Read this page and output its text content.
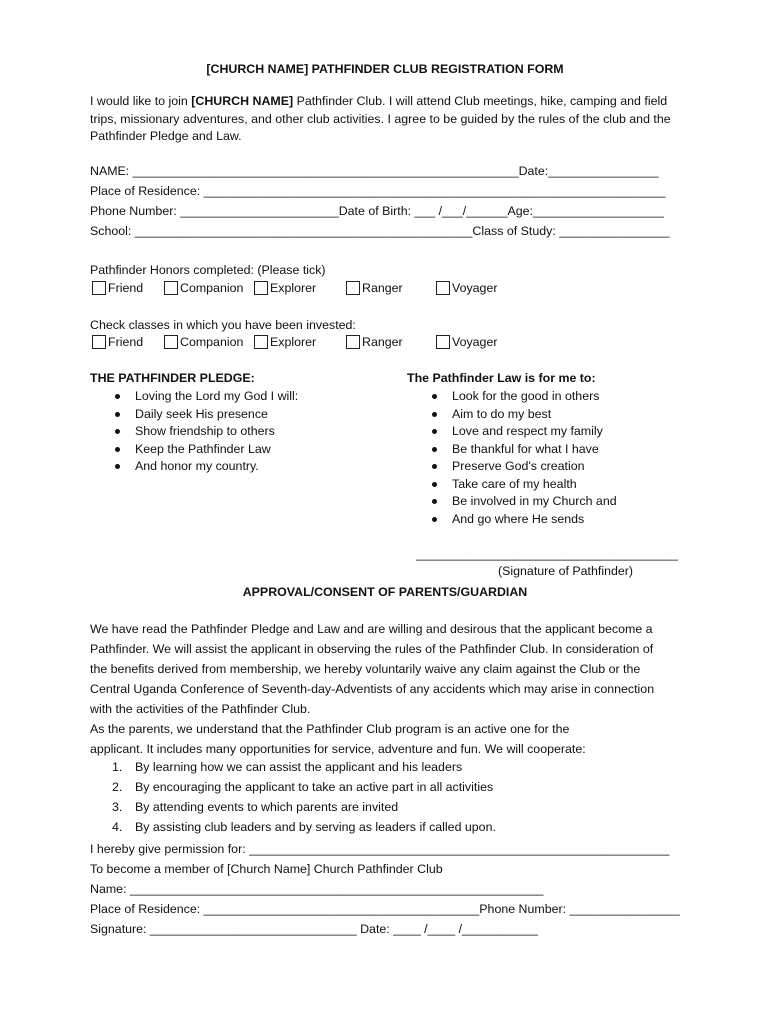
[CHURCH NAME] PATHFINDER CLUB REGISTRATION FORM
I would like to join [CHURCH NAME] Pathfinder Club. I will attend Club meetings, hike, camping and field trips, missionary adventures, and other club activities. I agree to be guided by the rules of the club and the Pathfinder Pledge and Law.
NAME: ________________________________________________________Date:________________
Place of Residence: ___________________________________________________________________
Phone Number: _______________________Date of Birth: ___ /___/______Age:___________________
School: _________________________________________________Class of Study: ________________
Pathfinder Honors completed: (Please tick)
Friend	Companion Explorer	Ranger	Voyager
Check classes in which you have been invested:
Friend	Companion Explorer	Ranger	Voyager
THE PATHFINDER PLEDGE:
Loving the Lord my God I will:
Daily seek His presence
Show friendship to others
Keep the Pathfinder Law
And honor my country.
The Pathfinder Law is for me to:
Look for the good in others
Aim to do my best
Love and respect my family
Be thankful for what I have
Preserve God's creation
Take care of my health
Be involved in my Church and
And go where He sends
______________________________________
(Signature of Pathfinder)
APPROVAL/CONSENT OF PARENTS/GUARDIAN
We have read the Pathfinder Pledge and Law and are willing and desirous that the applicant become a
Pathfinder. We will assist the applicant in observing the rules of the Pathfinder Club. In consideration of
the benefits derived from membership, we hereby voluntarily waive any claim against the Club or the
Central Uganda Conference of Seventh-day-Adventists of any accidents which may arise in connection
with the activities of the Pathfinder Club.
As the parents, we understand that the Pathfinder Club program is an active one for the
applicant. It includes many opportunities for service, adventure and fun. We will cooperate:
1. By learning how we can assist the applicant and his leaders
2. By encouraging the applicant to take an active part in all activities
3. By attending events to which parents are invited
4. By assisting club leaders and by serving as leaders if called upon.
I hereby give permission for: _____________________________________________________________
To become a member of [Church Name] Church Pathfinder Club
Name: ____________________________________________________________
Place of Residence: ________________________________________Phone Number: ________________
Signature: ______________________________ Date: ____ /____ /___________
